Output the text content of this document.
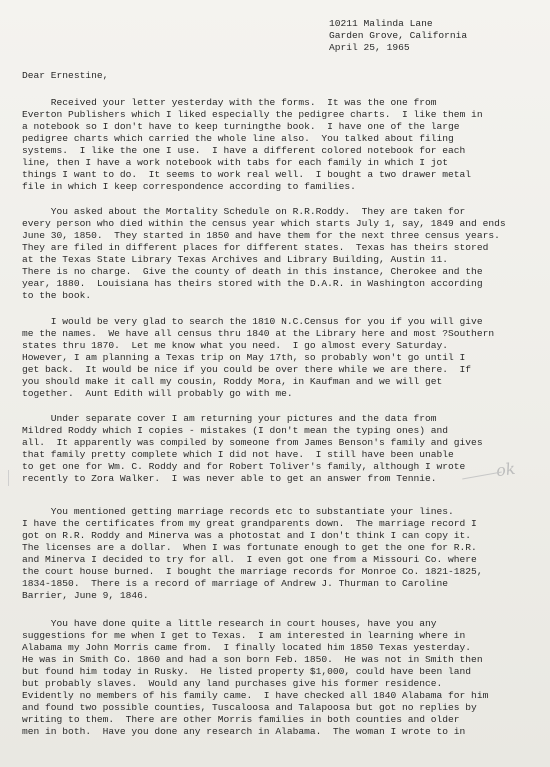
10211 Malinda Lane
Garden Grove, California
April 25, 1965
Dear Ernestine,
Received your letter yesterday with the forms.  It was the one from
Everton Publishers which I liked especially the pedigree charts.  I like them in
a notebook so I don't have to keep turningthe book.  I have one of the large
pedigree charts which carried the whole line also.  You talked about filing
systems.  I like the one I use.  I have a different colored notebook for each
line, then I have a work notebook with tabs for each family in which I jot
things I want to do.  It seems to work real well.  I bought a two drawer metal
file in which I keep correspondence according to families.
You asked about the Mortality Schedule on R.R.Roddy.  They are taken for
every person who died within the census year which starts July 1, say, 1849 and ends
June 30, 1850.  They started in 1850 and have them for the next three census years.
They are filed in different places for different states.  Texas has theirs stored
at the Texas State Library Texas Archives and Library Building, Austin 11.
There is no charge.  Give the county of death in this instance, Cherokee and the
year, 1880.  Louisiana has theirs stored with the D.A.R. in Washington according
to the book.
I would be very glad to search the 1810 N.C.Census for you if you will give
me the names.  We have all census thru 1840 at the Library here and most ?Southern
states thru 1870.  Let me know what you need.  I go almost every Saturday.
However, I am planning a Texas trip on May 17th, so probably won't go until I
get back.  It would be nice if you could be over there while we are there.  If
you should make it call my cousin, Roddy Mora, in Kaufman and we will get
together.  Aunt Edith will probably go with me.
Under separate cover I am returning your pictures and the data from
Mildred Roddy which I copies - mistakes (I don't mean the typing ones) and
all.  It apparently was compiled by someone from James Benson's family and gives
that family pretty complete which I did not have.  I still have been unable
to get one for Wm. C. Roddy and for Robert Toliver's family, although I wrote
recently to Zora Walker.  I was never able to get an answer from Tennie.
You mentioned getting marriage records etc to substantiate your lines.
I have the certificates from my great grandparents down.  The marriage record I
got on R.R. Roddy and Minerva was a photostat and I don't think I can copy it.
The licenses are a dollar.  When I was fortunate enough to get the one for R.R.
and Minerva I decided to try for all.  I even got one from a Missouri Co. where
the court house burned.  I bought the marriage records for Monroe Co. 1821-1825,
1834-1850.  There is a record of marriage of Andrew J. Thurman to Caroline
Barrier, June 9, 1846.
You have done quite a little research in court houses, have you any
suggestions for me when I get to Texas.  I am interested in learning where in
Alabama my John Morris came from.  I finally located him 1850 Texas yesterday.
He was in Smith Co. 1860 and had a son born Feb. 1850.  He was not in Smith then
but found him today in Rusky.  He listed property $1,000, could have been land
but probably slaves.  Would any land purchases give his former residence.
Evidently no members of his family came.  I have checked all 1840 Alabama for him
and found two possible counties, Tuscaloosa and Talapoosa but got no replies by
writing to them.  There are other Morris families in both counties and older
men in both.  Have you done any research in Alabama.  The woman I wrote to in
ok
